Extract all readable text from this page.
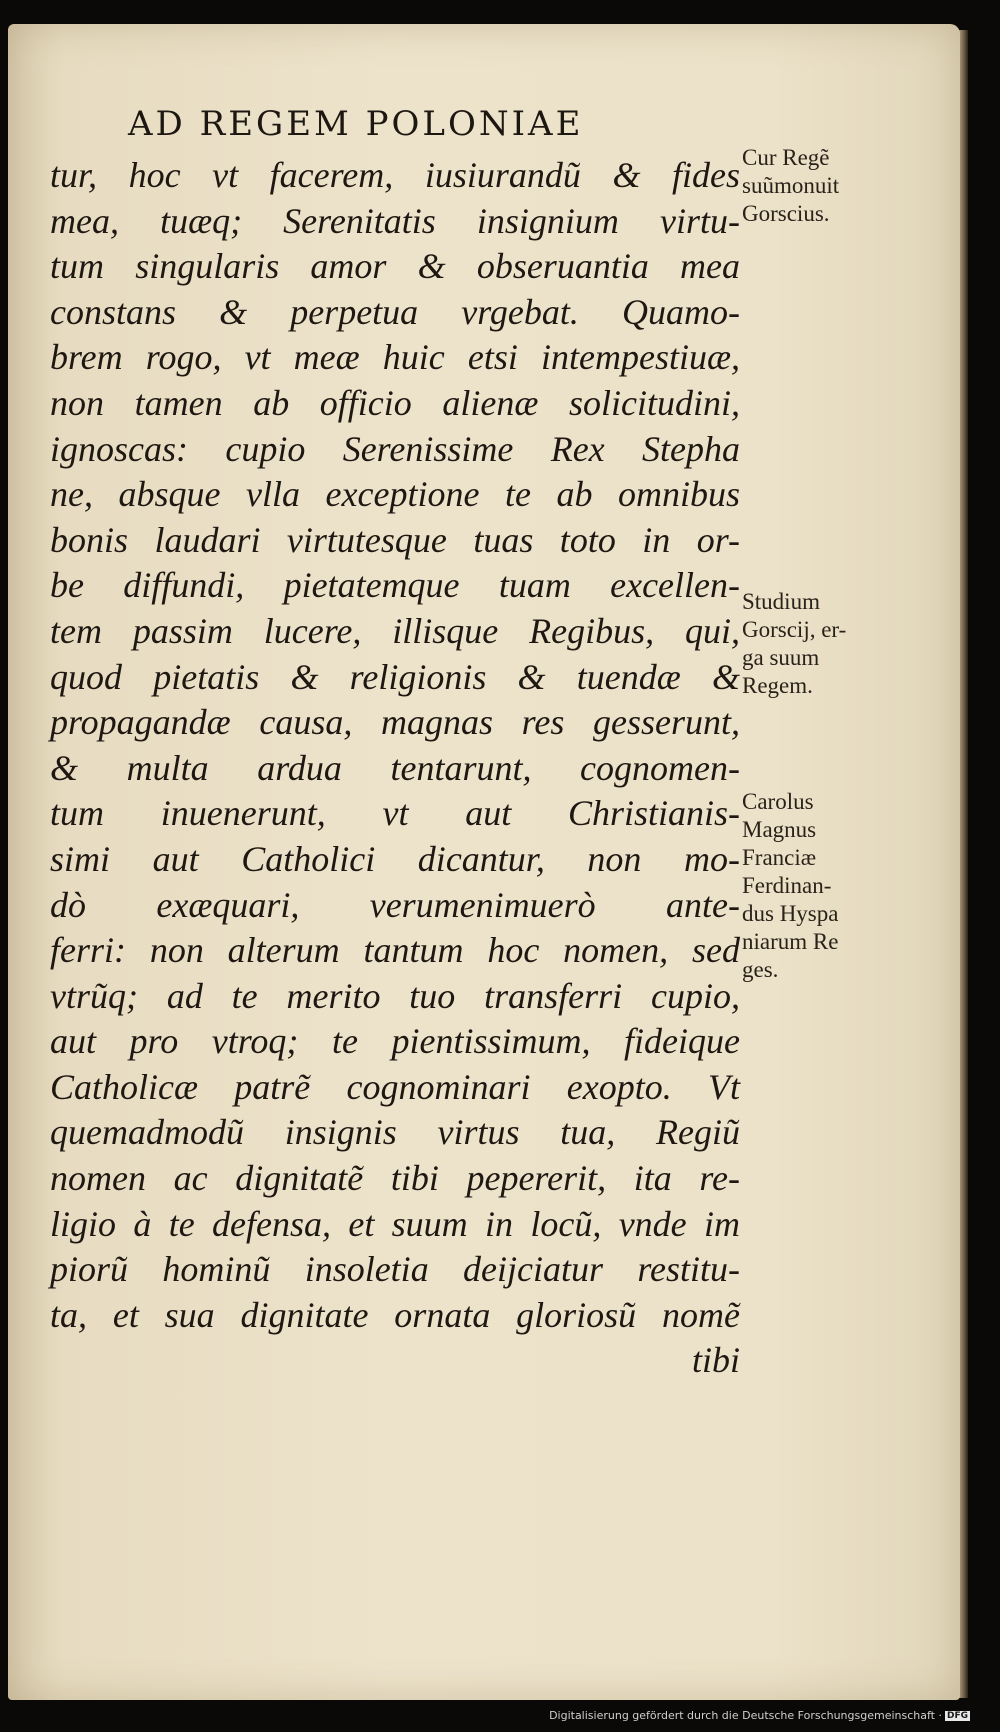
AD REGEM POLONIAE
tur, hoc vt facerem, iusiurandũ & fides
mea, tuæq; Serenitatis insignium virtu-
tum singularis amor & obseruantia mea
constans & perpetua vrgebat. Quamo-
brem rogo, vt meæ huic etsi intempestiuæ,
non tamen ab officio alienæ solicitudini,
ignoscas: cupio Serenissime Rex Stepha
ne, absque vlla exceptione te ab omnibus
bonis laudari virtutesque tuas toto in or-
be diffundi, pietatemque tuam excellen-
tem passim lucere, illisque Regibus, qui,
quod pietatis & religionis & tuendæ &
propagandæ causa, magnas res gesserunt,
& multa ardua tentarunt, cognomen-
tum inuenerunt, vt aut Christianis-
simi aut Catholici dicantur, non mo-
dò exæquari, verumenimuerò ante-
ferri: non alterum tantum hoc nomen, sed
vtrũq; ad te merito tuo transferri cupio,
aut pro vtroq; te pientissimum, fideique
Catholicæ patrẽ cognominari exopto. Vt
quemadmodũ insignis virtus tua, Regiũ
nomen ac dignitatẽ tibi pepererit, ita re-
ligio à te defensa, et suum in locũ, vnde im
piorũ hominũ insoletia deijciatur restitu-
ta, et sua dignitate ornata gloriosũ nomẽ
tibi
Cur Regẽ
suũmonuit
Gorscius.
Studium
Gorscij, er-
ga suum
Regem.
Carolus
Magnus
Franciæ
Ferdinan-
dus Hyspa
niarum Re
ges.
Digitalisierung gefördert durch die Deutsche Forschungsgemeinschaft · DFG
